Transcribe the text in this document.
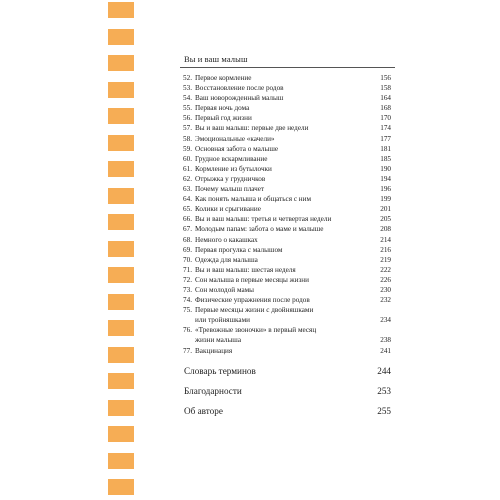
Вы и ваш малыш
52. Первое кормление	156
53. Восстановление после родов	158
54. Ваш новорожденный малыш	164
55. Первая ночь дома	168
56. Первый год жизни	170
57. Вы и ваш малыш: первые две недели	174
58. Эмоциональные «качели»	177
59. Основная забота о малыше	181
60. Грудное вскармливание	185
61. Кормление из бутылочки	190
62. Отрыжка у грудничков	194
63. Почему малыш плачет	196
64. Как понять малыша и общаться с ним	199
65. Колики и срыгивание	201
66. Вы и ваш малыш: третья и четвертая недели	205
67. Молодым папам: забота о маме и малыше	208
68. Немного о какашках	214
69. Первая прогулка с малышом	216
70. Одежда для малыша	219
71. Вы и ваш малыш: шестая неделя	222
72. Сон малыша в первые месяцы жизни	226
73. Сон молодой мамы	230
74. Физические упражнения после родов	232
75. Первые месяцы жизни с двойняшками
или тройняшками	234
76. «Тревожные звоночки» в первый месяц
жизни малыша	238
77. Вакцинация	241
Словарь терминов	244
Благодарности	253
Об авторе	255
